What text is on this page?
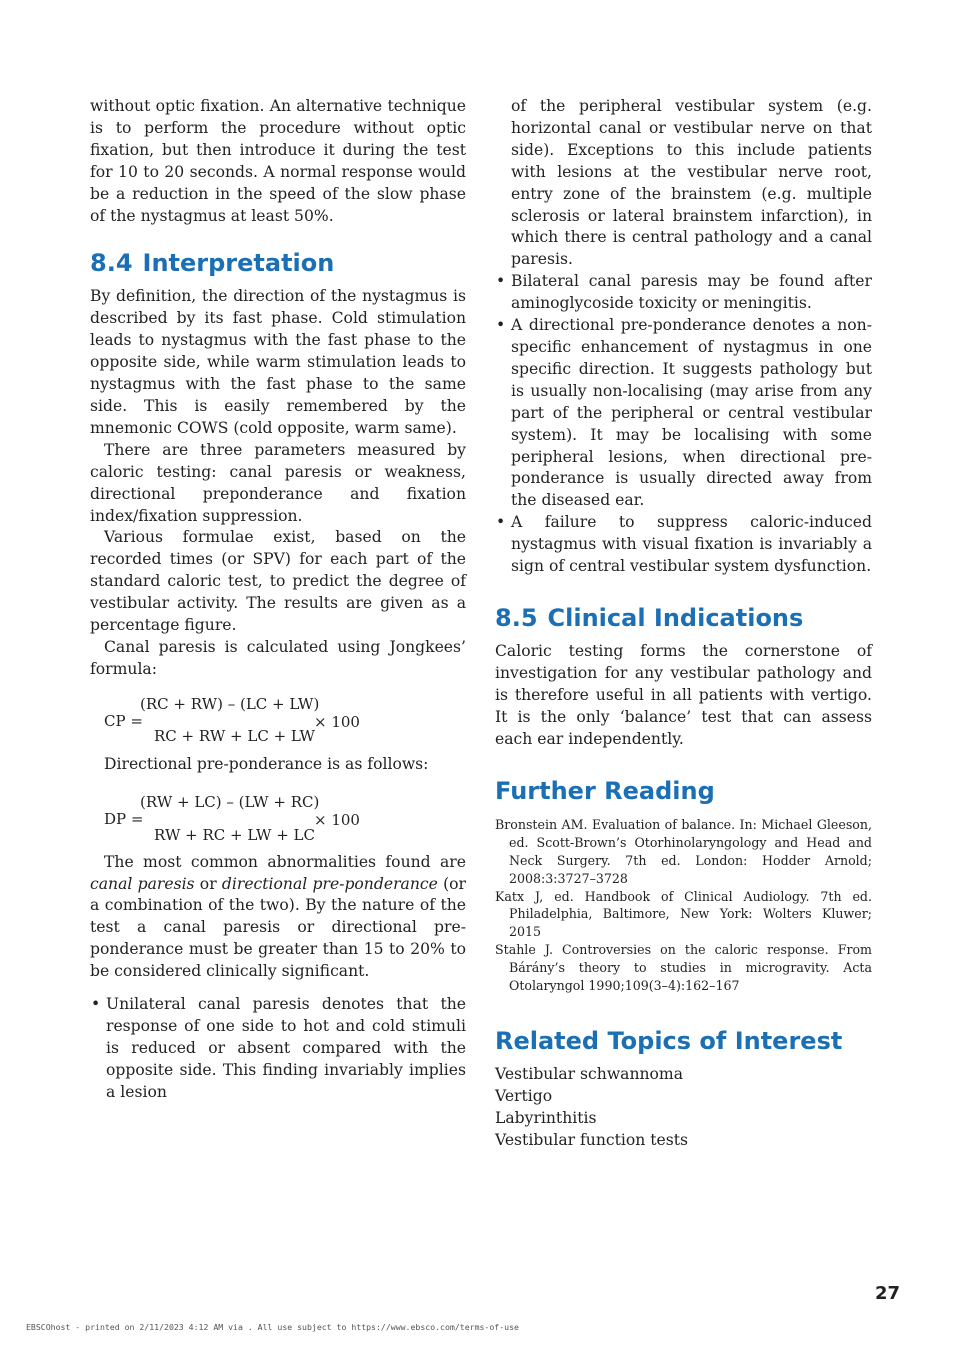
without optic fixation. An alternative technique is to perform the procedure without optic fixation, but then introduce it during the test for 10 to 20 seconds. A normal response would be a reduction in the speed of the slow phase of the nystagmus at least 50%.

8.4 Interpretation

By definition, the direction of the nystagmus is described by its fast phase. Cold stimulation leads to nystagmus with the fast phase to the opposite side, while warm stimulation leads to nystagmus with the fast phase to the same side. This is easily remembered by the mnemonic COWS (cold opposite, warm same).

There are three parameters measured by caloric testing: canal paresis or weakness, directional preponderance and fixation index/fixation suppression.

Various formulae exist, based on the recorded times (or SPV) for each part of the standard caloric test, to predict the degree of vestibular activity. The results are given as a percentage figure.

Canal paresis is calculated using Jongkees’ formula:

CP =
(RC + RW) – (LC + LW)
RC + RW + LC + LW
× 100

Directional pre-ponderance is as follows:

DP =
(RW + LC) – (LW + RC)
RW + RC + LW + LC
× 100

The most common abnormalities found are canal paresis or directional pre-ponderance (or a combination of the two). By the nature of the test a canal paresis or directional pre-ponderance must be greater than 15 to 20% to be considered clinically significant.

• Unilateral canal paresis denotes that the response of one side to hot and cold stimuli is reduced or absent compared with the opposite side. This finding invariably implies a lesion
of the peripheral vestibular system (e.g. horizontal canal or vestibular nerve on that side). Exceptions to this include patients with lesions at the vestibular nerve root, entry zone of the brainstem (e.g. multiple sclerosis or lateral brainstem infarction), in which there is central pathology and a canal paresis.
• Bilateral canal paresis may be found after aminoglycoside toxicity or meningitis.
• A directional pre-ponderance denotes a non-specific enhancement of nystagmus in one specific direction. It suggests pathology but is usually non-localising (may arise from any part of the peripheral or central vestibular system). It may be localising with some peripheral lesions, when directional pre-ponderance is usually directed away from the diseased ear.
• A failure to suppress caloric-induced nystagmus with visual fixation is invariably a sign of central vestibular system dysfunction.
8.5 Clinical Indications

Caloric testing forms the cornerstone of investigation for any vestibular pathology and is therefore useful in all patients with vertigo. It is the only ‘balance’ test that can assess each ear independently.

Further Reading
Bronstein AM. Evaluation of balance. In: Michael Gleeson, ed. Scott-Brown’s Otorhinolaryngology and Head and Neck Surgery. 7th ed. London: Hodder Arnold; 2008:3:3727–3728
Katx J, ed. Handbook of Clinical Audiology. 7th ed. Philadelphia, Baltimore, New York: Wolters Kluwer; 2015
Stahle J. Controversies on the caloric response. From Bárány’s theory to studies in microgravity. Acta Otolaryngol 1990;109(3–4):162–167
Related Topics of Interest
Vestibular schwannoma
Vertigo
Labyrinthitis
Vestibular function tests
27
EBSCOhost - printed on 2/11/2023 4:12 AM via . All use subject to https://www.ebsco.com/terms-of-use
